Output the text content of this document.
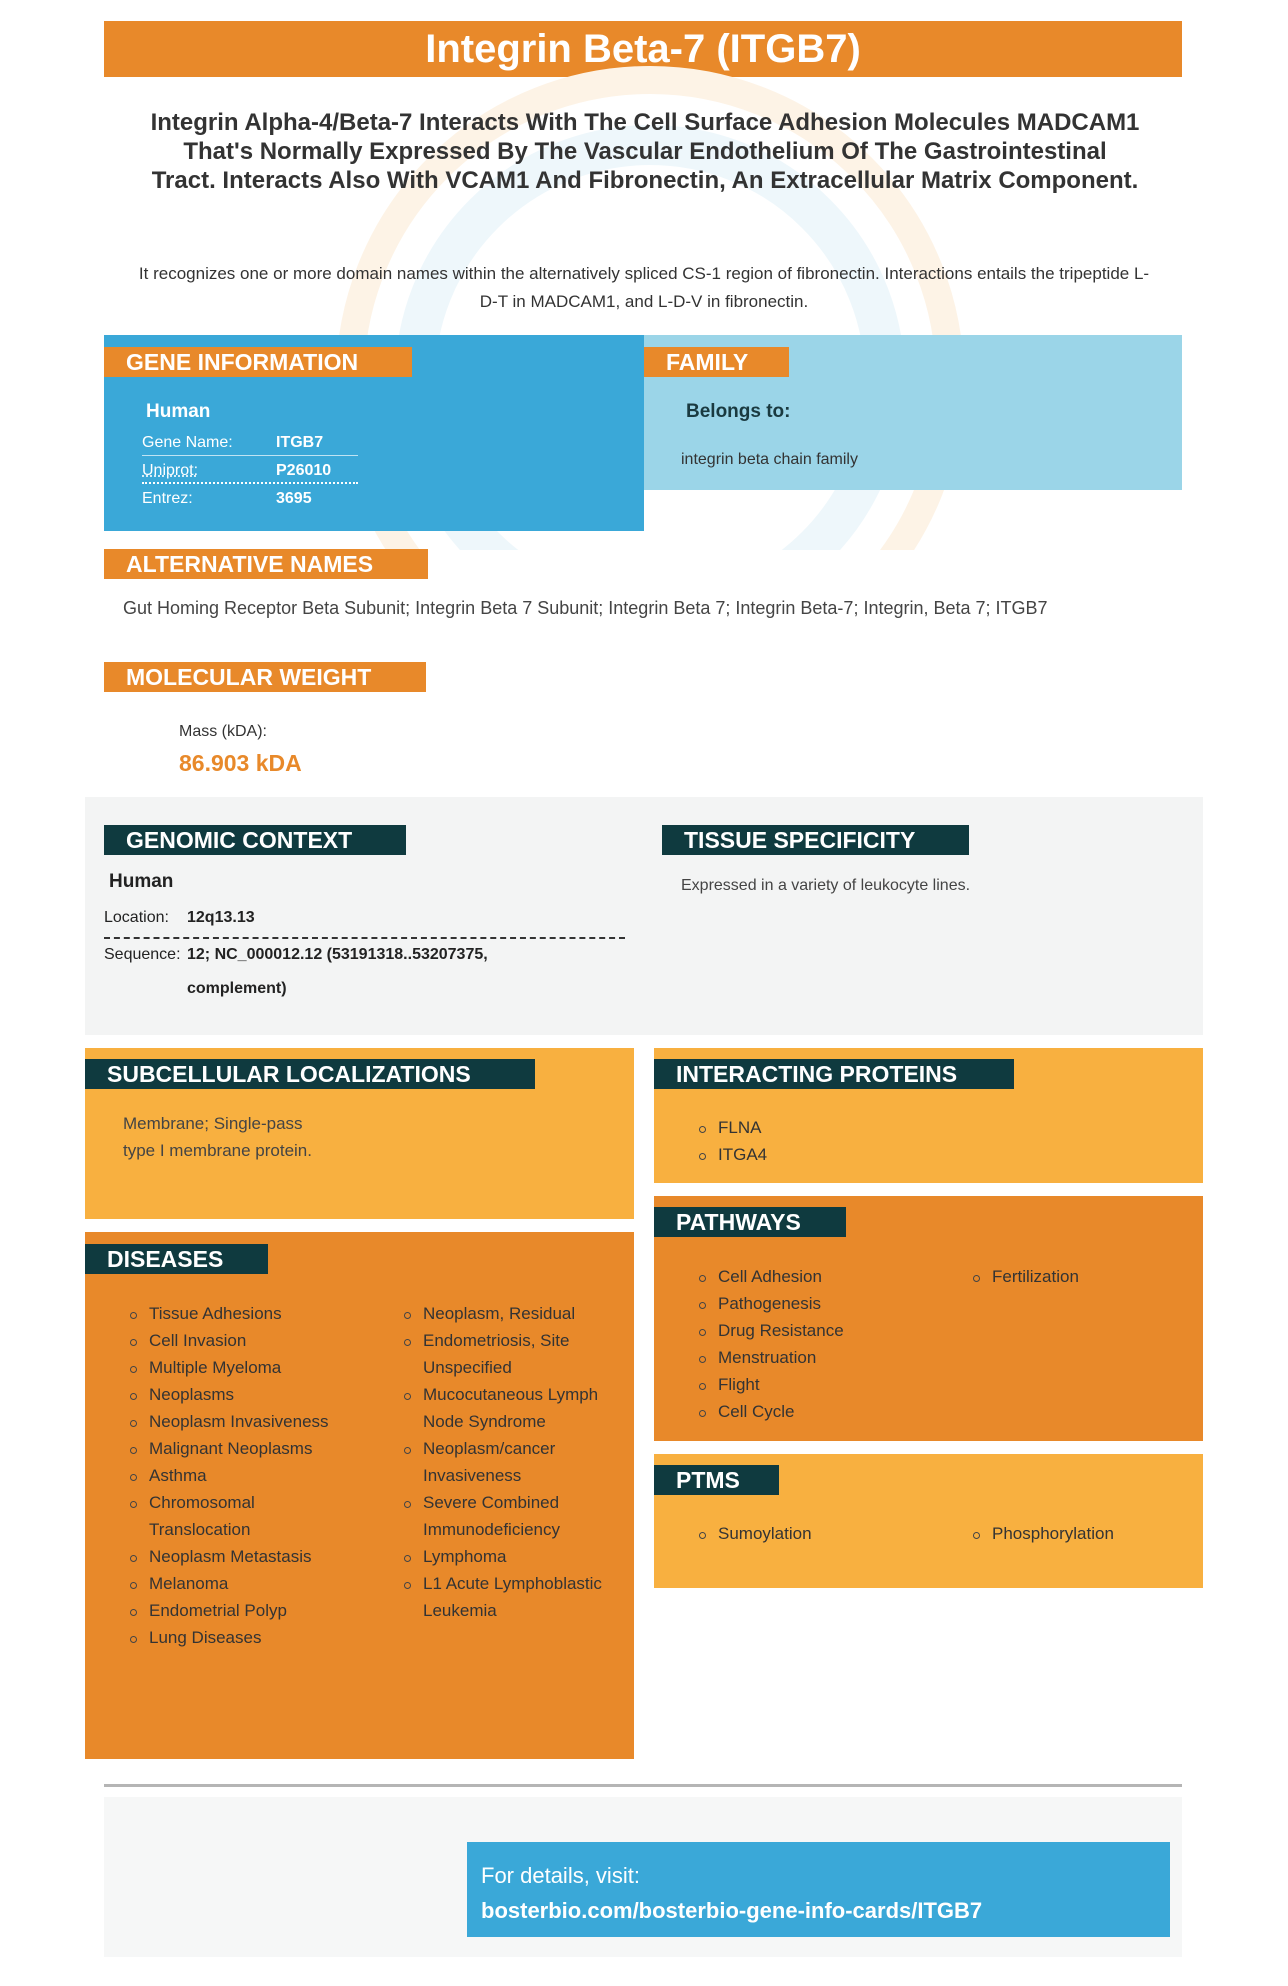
Integrin Beta-7 (ITGB7)
Integrin Alpha-4/Beta-7 Interacts With The Cell Surface Adhesion Molecules MADCAM1 That's Normally Expressed By The Vascular Endothelium Of The Gastrointestinal Tract. Interacts Also With VCAM1 And Fibronectin, An Extracellular Matrix Component.
It recognizes one or more domain names within the alternatively spliced CS-1 region of fibronectin. Interactions entails the tripeptide L-D-T in MADCAM1, and L-D-V in fibronectin.
GENE INFORMATION
Human
Gene Name:	ITGB7
Uniprot:	P26010
Entrez:	3695
FAMILY
Belongs to:
integrin beta chain family
ALTERNATIVE NAMES
Gut Homing Receptor Beta Subunit; Integrin Beta 7 Subunit; Integrin Beta 7; Integrin Beta-7; Integrin, Beta 7; ITGB7
MOLECULAR WEIGHT
Mass (kDA):
86.903 kDA
GENOMIC CONTEXT
Human
Location: 12q13.13
Sequence: 12; NC_000012.12 (53191318..53207375,
complement)
TISSUE SPECIFICITY
Expressed in a variety of leukocyte lines.
SUBCELLULAR LOCALIZATIONS
Membrane; Single-pass
type I membrane protein.
INTERACTING PROTEINS
FLNA
ITGA4
DISEASES
Tissue Adhesions
Cell Invasion
Multiple Myeloma
Neoplasms
Neoplasm Invasiveness
Malignant Neoplasms
Asthma
Chromosomal Translocation
Neoplasm Metastasis
Melanoma
Endometrial Polyp
Lung Diseases
Neoplasm, Residual
Endometriosis, Site Unspecified
Mucocutaneous Lymph Node Syndrome
Neoplasm/cancer Invasiveness
Severe Combined Immunodeficiency
Lymphoma
L1 Acute Lymphoblastic Leukemia
PATHWAYS
Cell Adhesion
Pathogenesis
Drug Resistance
Menstruation
Flight
Cell Cycle
Fertilization
PTMS
Sumoylation	Phosphorylation
For details, visit:
bosterbio.com/bosterbio-gene-info-cards/ITGB7
